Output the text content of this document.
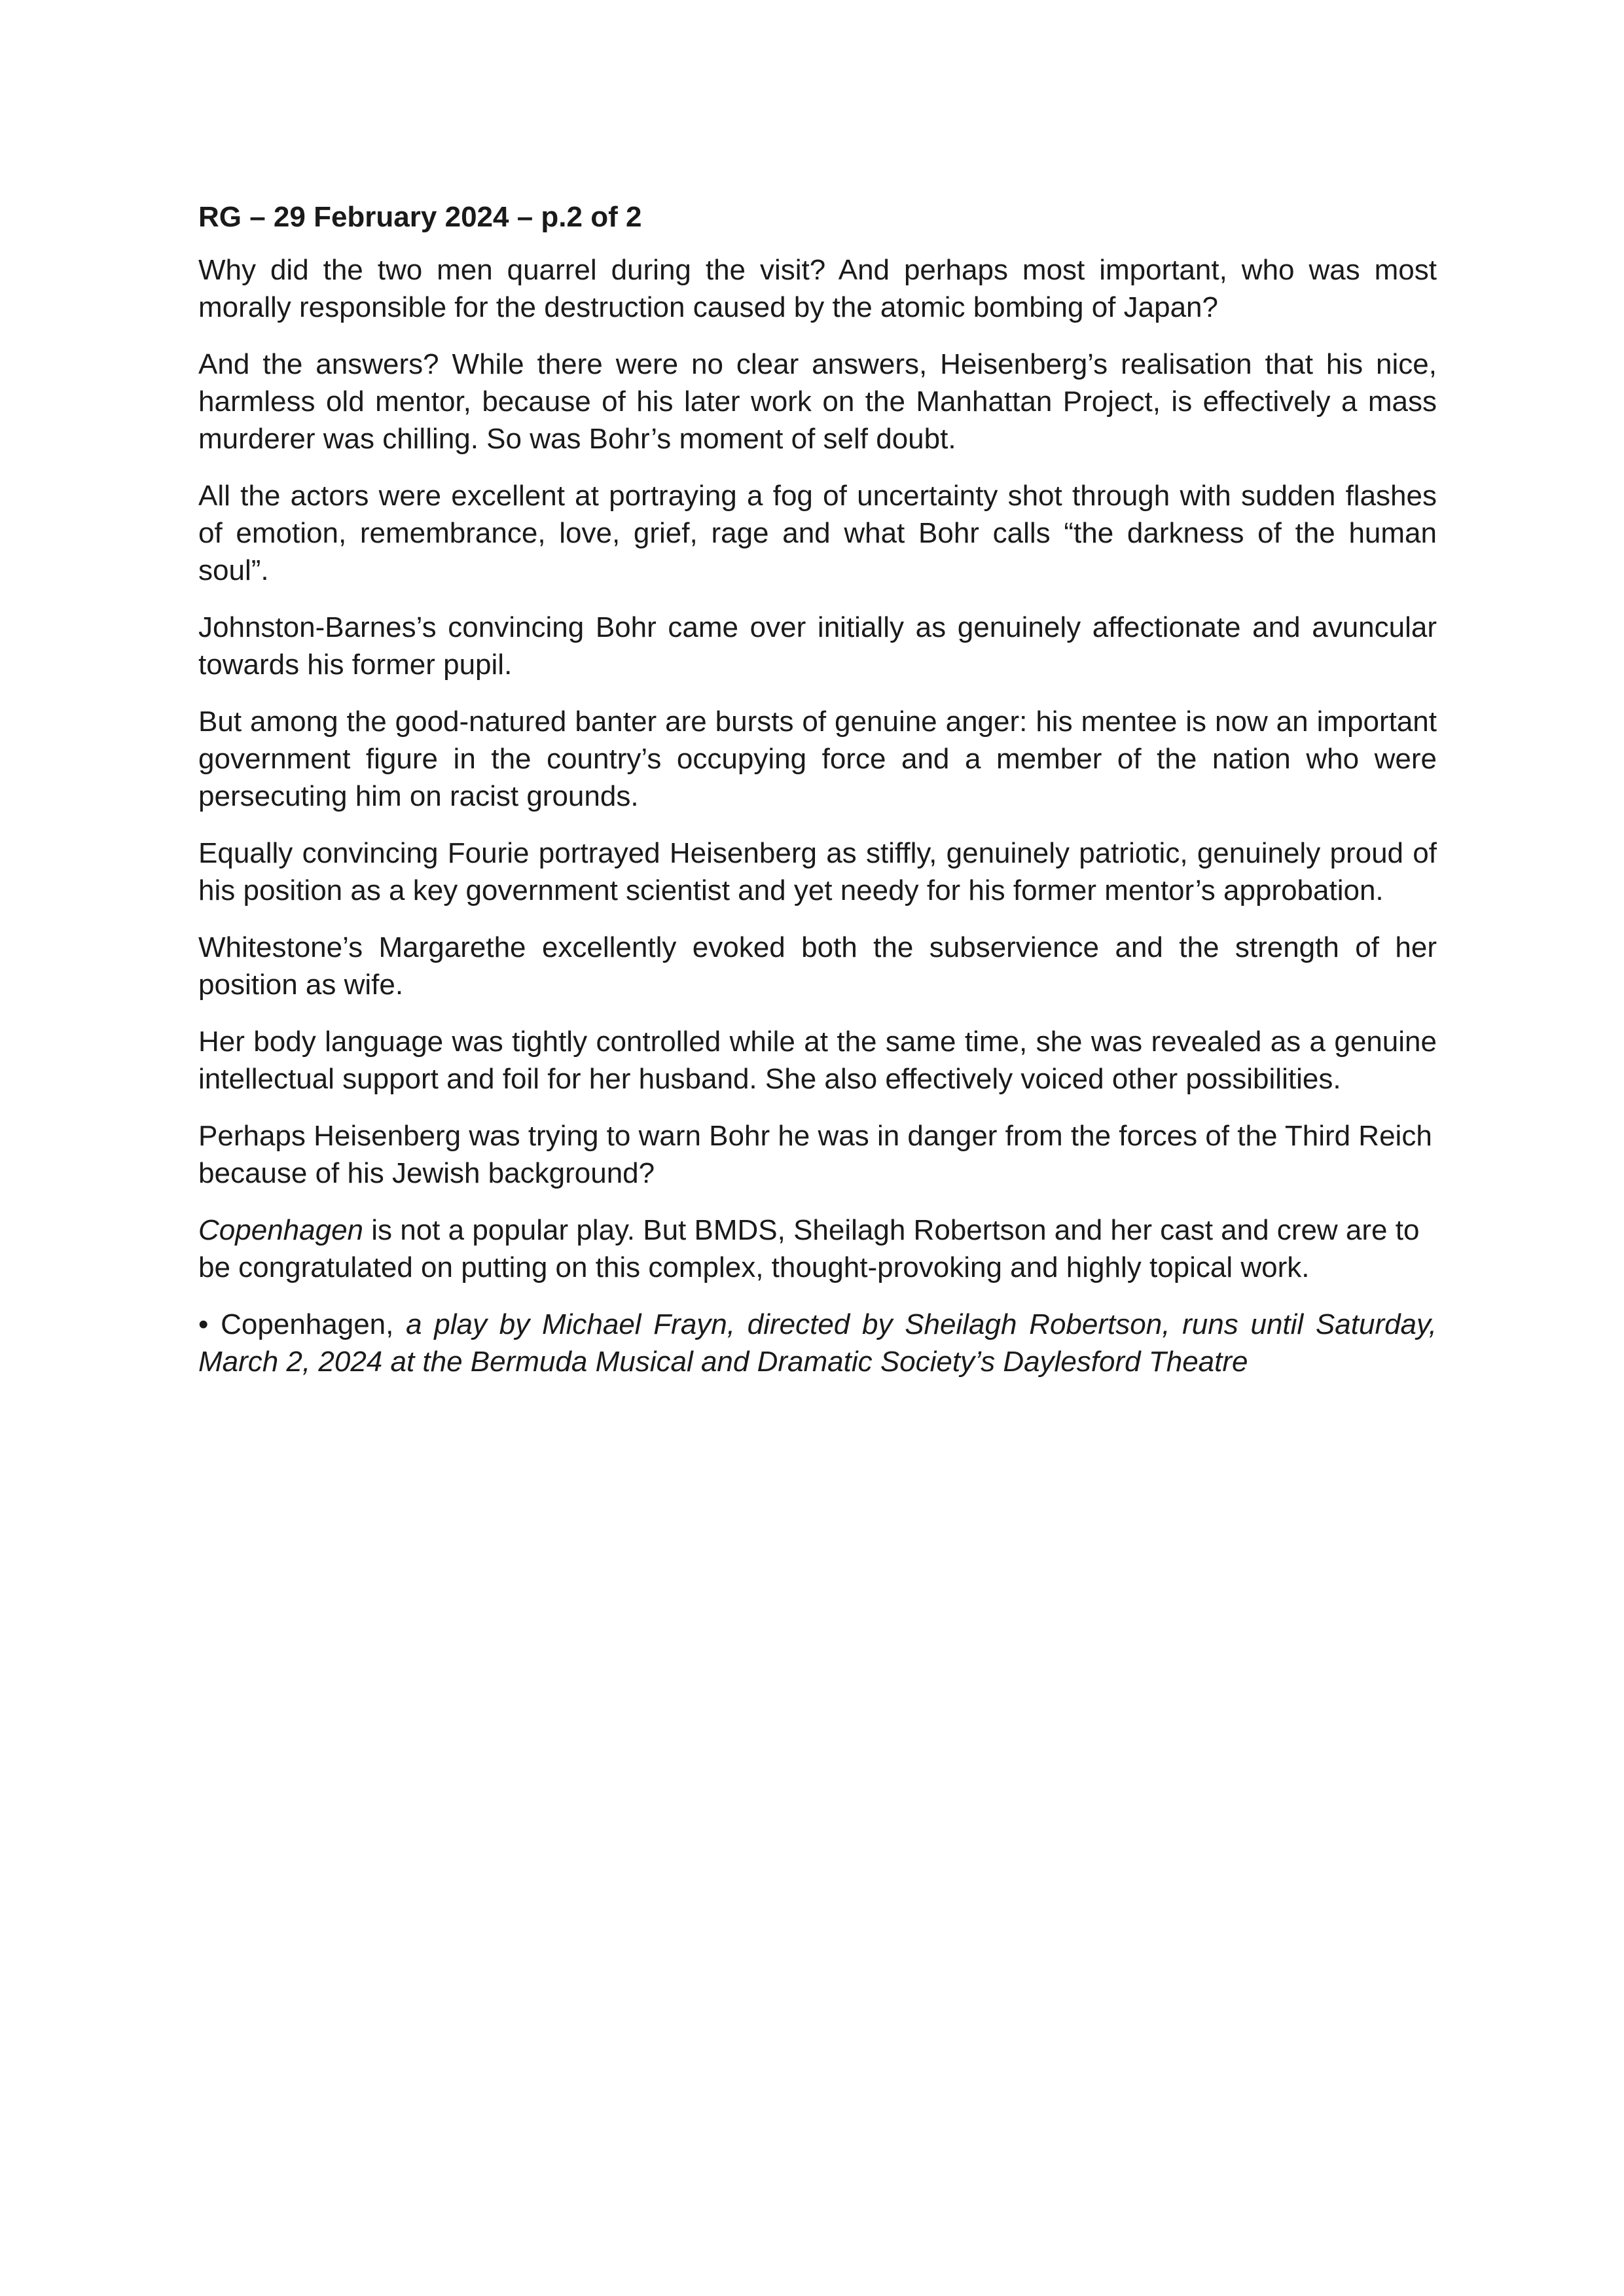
RG – 29 February 2024 – p.2 of 2

Why did the two men quarrel during the visit? And perhaps most important, who was most morally responsible for the destruction caused by the atomic bombing of Japan?

And the answers? While there were no clear answers, Heisenberg’s realisation that his nice, harmless old mentor, because of his later work on the Manhattan Project, is effectively a mass murderer was chilling. So was Bohr’s moment of self doubt.

All the actors were excellent at portraying a fog of uncertainty shot through with sudden flashes of emotion, remembrance, love, grief, rage and what Bohr calls “the darkness of the human soul”.

Johnston-Barnes’s convincing Bohr came over initially as genuinely affectionate and avuncular towards his former pupil.

But among the good-natured banter are bursts of genuine anger: his mentee is now an important government figure in the country’s occupying force and a member of the nation who were persecuting him on racist grounds.

Equally convincing Fourie portrayed Heisenberg as stiffly, genuinely patriotic, genuinely proud of his position as a key government scientist and yet needy for his former mentor’s approbation.

Whitestone’s Margarethe excellently evoked both the subservience and the strength of her position as wife.

Her body language was tightly controlled while at the same time, she was revealed as a genuine intellectual support and foil for her husband. She also effectively voiced other possibilities.

Perhaps Heisenberg was trying to warn Bohr he was in danger from the forces of the Third Reich because of his Jewish background?

Copenhagen is not a popular play. But BMDS, Sheilagh Robertson and her cast and crew are to be congratulated on putting on this complex, thought-provoking and highly topical work.

• Copenhagen, a play by Michael Frayn, directed by Sheilagh Robertson, runs until Saturday, March 2, 2024 at the Bermuda Musical and Dramatic Society’s Daylesford Theatre
